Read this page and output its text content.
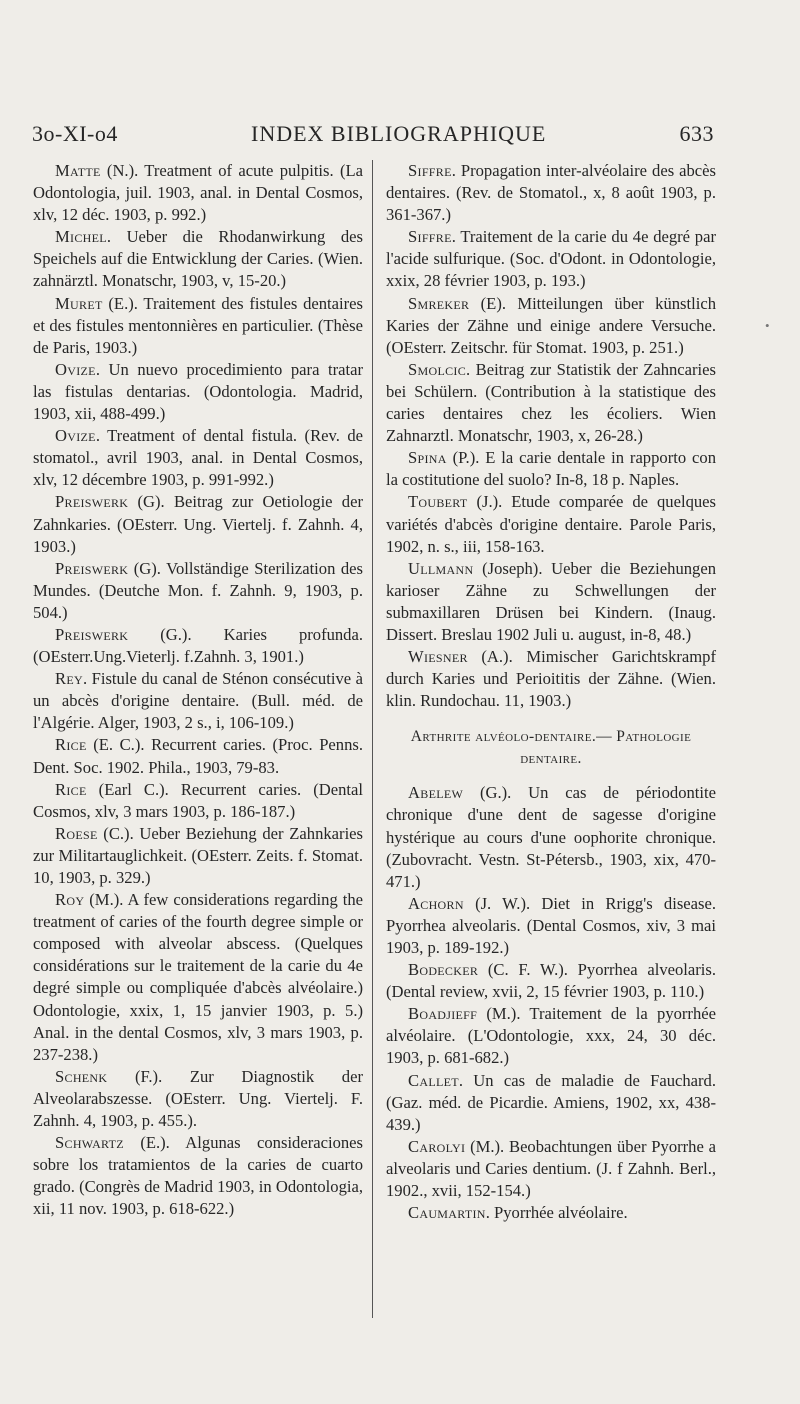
3o-XI-o4	INDEX BIBLIOGRAPHIQUE	633

Matte (N.). Treatment of acute pulpitis. (La Odontologia, juil. 1903, anal. in Dental Cosmos, xlv, 12 déc. 1903, p. 992.)

Michel. Ueber die Rhodanwirkung des Speichels auf die Entwicklung der Caries. (Wien. zahnärztl. Monatschr, 1903, v, 15-20.)

Muret (E.). Traitement des fistules dentaires et des fistules mentonnières en particulier. (Thèse de Paris, 1903.)

Ovize. Un nuevo procedimiento para tratar las fistulas dentarias. (Odontologia. Madrid, 1903, xii, 488-499.)

Ovize. Treatment of dental fistula. (Rev. de stomatol., avril 1903, anal. in Dental Cosmos, xlv, 12 décembre 1903, p. 991-992.)

Preiswerk (G). Beitrag zur Oetiologie der Zahnkaries. (OEsterr. Ung. Viertelj. f. Zahnh. 4, 1903.)

Preiswerk (G). Vollständige Sterilization des Mundes. (Deutche Mon. f. Zahnh. 9, 1903, p. 504.)

Preiswerk (G.). Karies profunda. (OEsterr.Ung.Vieterlj. f.Zahnh. 3, 1901.)

Rey. Fistule du canal de Sténon consécutive à un abcès d'origine dentaire. (Bull. méd. de l'Algérie. Alger, 1903, 2 s., i, 106-109.)

Rice (E. C.). Recurrent caries. (Proc. Penns. Dent. Soc. 1902. Phila., 1903, 79-83.

Rice (Earl C.). Recurrent caries. (Dental Cosmos, xlv, 3 mars 1903, p. 186-187.)

Roese (C.). Ueber Beziehung der Zahnkaries zur Militartauglichkeit. (OEsterr. Zeits. f. Stomat. 10, 1903, p. 329.)

Roy (M.). A few considerations regarding the treatment of caries of the fourth degree simple or composed with alveolar abscess. (Quelques considérations sur le traitement de la carie du 4e degré simple ou compliquée d'abcès alvéolaire.) Odontologie, xxix, 1, 15 janvier 1903, p. 5.) Anal. in the dental Cosmos, xlv, 3 mars 1903, p. 237-238.)

Schenk (F.). Zur Diagnostik der Alveolarabszesse. (OEsterr. Ung. Viertelj. F. Zahnh. 4, 1903, p. 455.).

Schwartz (E.). Algunas consideraciones sobre los tratamientos de la caries de cuarto grado. (Congrès de Madrid 1903, in Odontologia, xii, 11 nov. 1903, p. 618-622.)

Siffre. Propagation inter-alvéolaire des abcès dentaires. (Rev. de Stomatol., x, 8 août 1903, p. 361-367.)

Siffre. Traitement de la carie du 4e degré par l'acide sulfurique. (Soc. d'Odont. in Odontologie, xxix, 28 février 1903, p. 193.)

Smreker (E). Mitteilungen über künstlich Karies der Zähne und einige andere Versuche. (OEsterr. Zeitschr. für Stomat. 1903, p. 251.)

Smolcic. Beitrag zur Statistik der Zahncaries bei Schülern. (Contribution à la statistique des caries dentaires chez les écoliers. Wien Zahnarztl. Monatschr, 1903, x, 26-28.)

Spina (P.). E la carie dentale in rapporto con la costitutione del suolo? In-8, 18 p. Naples.

Toubert (J.). Etude comparée de quelques variétés d'abcès d'origine dentaire. Parole Paris, 1902, n. s., iii, 158-163.

Ullmann (Joseph). Ueber die Beziehungen karioser Zähne zu Schwellungen der submaxillaren Drüsen bei Kindern. (Inaug. Dissert. Breslau 1902 Juli u. august, in-8, 48.)

Wiesner (A.). Mimischer Garichtskrampf durch Karies und Perioititis der Zähne. (Wien. klin. Rundochau. 11, 1903.)

Arthrite alvéolo-dentaire.— Pathologie dentaire.

Abelew (G.). Un cas de périodontite chronique d'une dent de sagesse d'origine hystérique au cours d'une oophorite chronique. (Zubovracht. Vestn. St-Pétersb., 1903, xix, 470-471.)

Achorn (J. W.). Diet in Rrigg's disease. Pyorrhea alveolaris. (Dental Cosmos, xiv, 3 mai 1903, p. 189-192.)

Bodecker (C. F. W.). Pyorrhea alveolaris. (Dental review, xvii, 2, 15 février 1903, p. 110.)

Boadjieff (M.). Traitement de la pyorrhée alvéolaire. (L'Odontologie, xxx, 24, 30 déc. 1903, p. 681-682.)

Callet. Un cas de maladie de Fauchard. (Gaz. méd. de Picardie. Amiens, 1902, xx, 438-439.)

Carolyi (M.). Beobachtungen über Pyorrhe a alveolaris und Caries dentium. (J. f Zahnh. Berl., 1902., xvii, 152-154.)

Caumartin. Pyorrhée alvéolaire.

•
